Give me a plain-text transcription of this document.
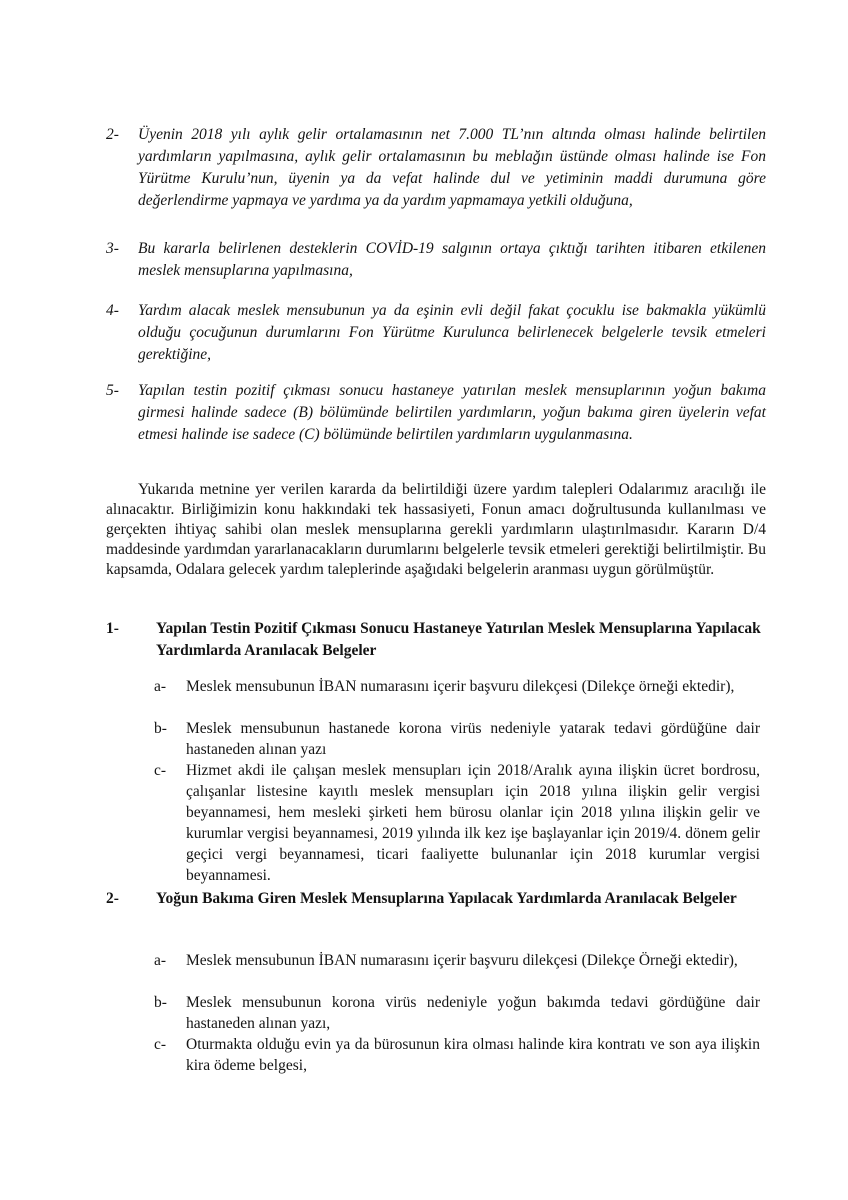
2-	Üyenin 2018 yılı aylık gelir ortalamasının net 7.000 TL’nın altında olması halinde belirtilen yardımların yapılmasına, aylık gelir ortalamasının bu meblağın üstünde olması halinde ise Fon Yürütme Kurulu’nun, üyenin ya da vefat halinde dul ve yetiminin maddi durumuna göre değerlendirme yapmaya ve yardıma ya da yardım yapmamaya yetkili olduğuna,

3-	Bu kararla belirlenen desteklerin COVİD-19 salgının ortaya çıktığı tarihten itibaren etkilenen meslek mensuplarına yapılmasına,

4-	Yardım alacak meslek mensubunun ya da eşinin evli değil fakat çocuklu ise bakmakla yükümlü olduğu çocuğunun durumlarını Fon Yürütme Kurulunca belirlenecek belgelerle tevsik etmeleri gerektiğine,

5-	Yapılan testin pozitif çıkması sonucu hastaneye yatırılan meslek mensuplarının yoğun bakıma girmesi halinde sadece (B) bölümünde belirtilen yardımların, yoğun bakıma giren üyelerin vefat etmesi halinde ise sadece (C) bölümünde belirtilen yardımların uygulanmasına.

Yukarıda metnine yer verilen kararda da belirtildiği üzere yardım talepleri Odalarımız aracılığı ile alınacaktır. Birliğimizin konu hakkındaki tek hassasiyeti, Fonun amacı doğrultusunda kullanılması ve gerçekten ihtiyaç sahibi olan meslek mensuplarına gerekli yardımların ulaştırılmasıdır. Kararın D/4 maddesinde yardımdan yararlanacakların durumlarını belgelerle tevsik etmeleri gerektiği belirtilmiştir. Bu kapsamda, Odalara gelecek yardım taleplerinde aşağıdaki belgelerin aranması uygun görülmüştür.

1-	Yapılan Testin Pozitif Çıkması Sonucu Hastaneye Yatırılan Meslek Mensuplarına Yapılacak Yardımlarda Aranılacak Belgeler

a-	Meslek mensubunun İBAN numarasını içerir başvuru dilekçesi (Dilekçe örneği ektedir),

b-	Meslek mensubunun hastanede korona virüs nedeniyle yatarak tedavi gördüğüne dair hastaneden alınan yazı

c-	Hizmet akdi ile çalışan meslek mensupları için 2018/Aralık ayına ilişkin ücret bordrosu, çalışanlar listesine kayıtlı meslek mensupları için 2018 yılına ilişkin gelir vergisi beyannamesi, hem mesleki şirketi hem bürosu olanlar için 2018 yılına ilişkin gelir ve kurumlar vergisi beyannamesi, 2019 yılında ilk kez işe başlayanlar için 2019/4. dönem gelir geçici vergi beyannamesi, ticari faaliyette bulunanlar için 2018 kurumlar vergisi beyannamesi.

2-	Yoğun Bakıma Giren Meslek Mensuplarına Yapılacak Yardımlarda Aranılacak Belgeler

a-	Meslek mensubunun İBAN numarasını içerir başvuru dilekçesi (Dilekçe Örneği ektedir),

b-	Meslek mensubunun korona virüs nedeniyle yoğun bakımda tedavi gördüğüne dair hastaneden alınan yazı,

c-	Oturmakta olduğu evin ya da bürosunun kira olması halinde kira kontratı ve son aya ilişkin kira ödeme belgesi,
